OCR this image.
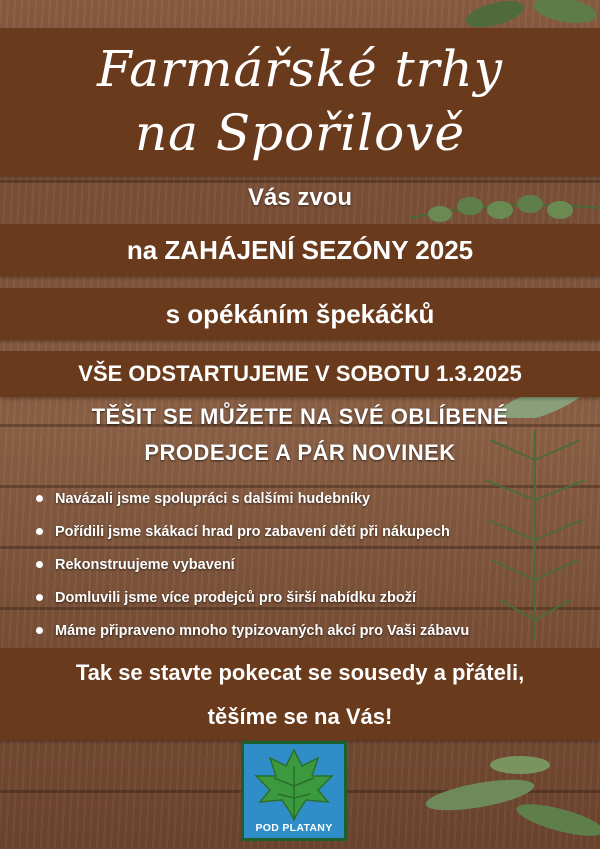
Farmářské trhy
na Spořilově
Vás zvou
na ZAHÁJENÍ SEZÓNY 2025
s opékáním špekáčků
VŠE ODSTARTUJEME V SOBOTU 1.3.2025
TĚŠIT SE MŮŽETE NA SVÉ OBLÍBENÉ
PRODEJCE A PÁR NOVINEK
Navázali jsme spolupráci s dalšími hudebníky
Pořídili jsme skákací hrad pro zabavení dětí při nákupech
Rekonstruujeme vybavení
Domluvili jsme více prodejců pro širší nabídku zboží
Máme připraveno mnoho typizovaných akcí pro Vaši zábavu
Tak se stavte pokecat se sousedy a přáteli,
těšíme se na Vás!
POD PLATANY
